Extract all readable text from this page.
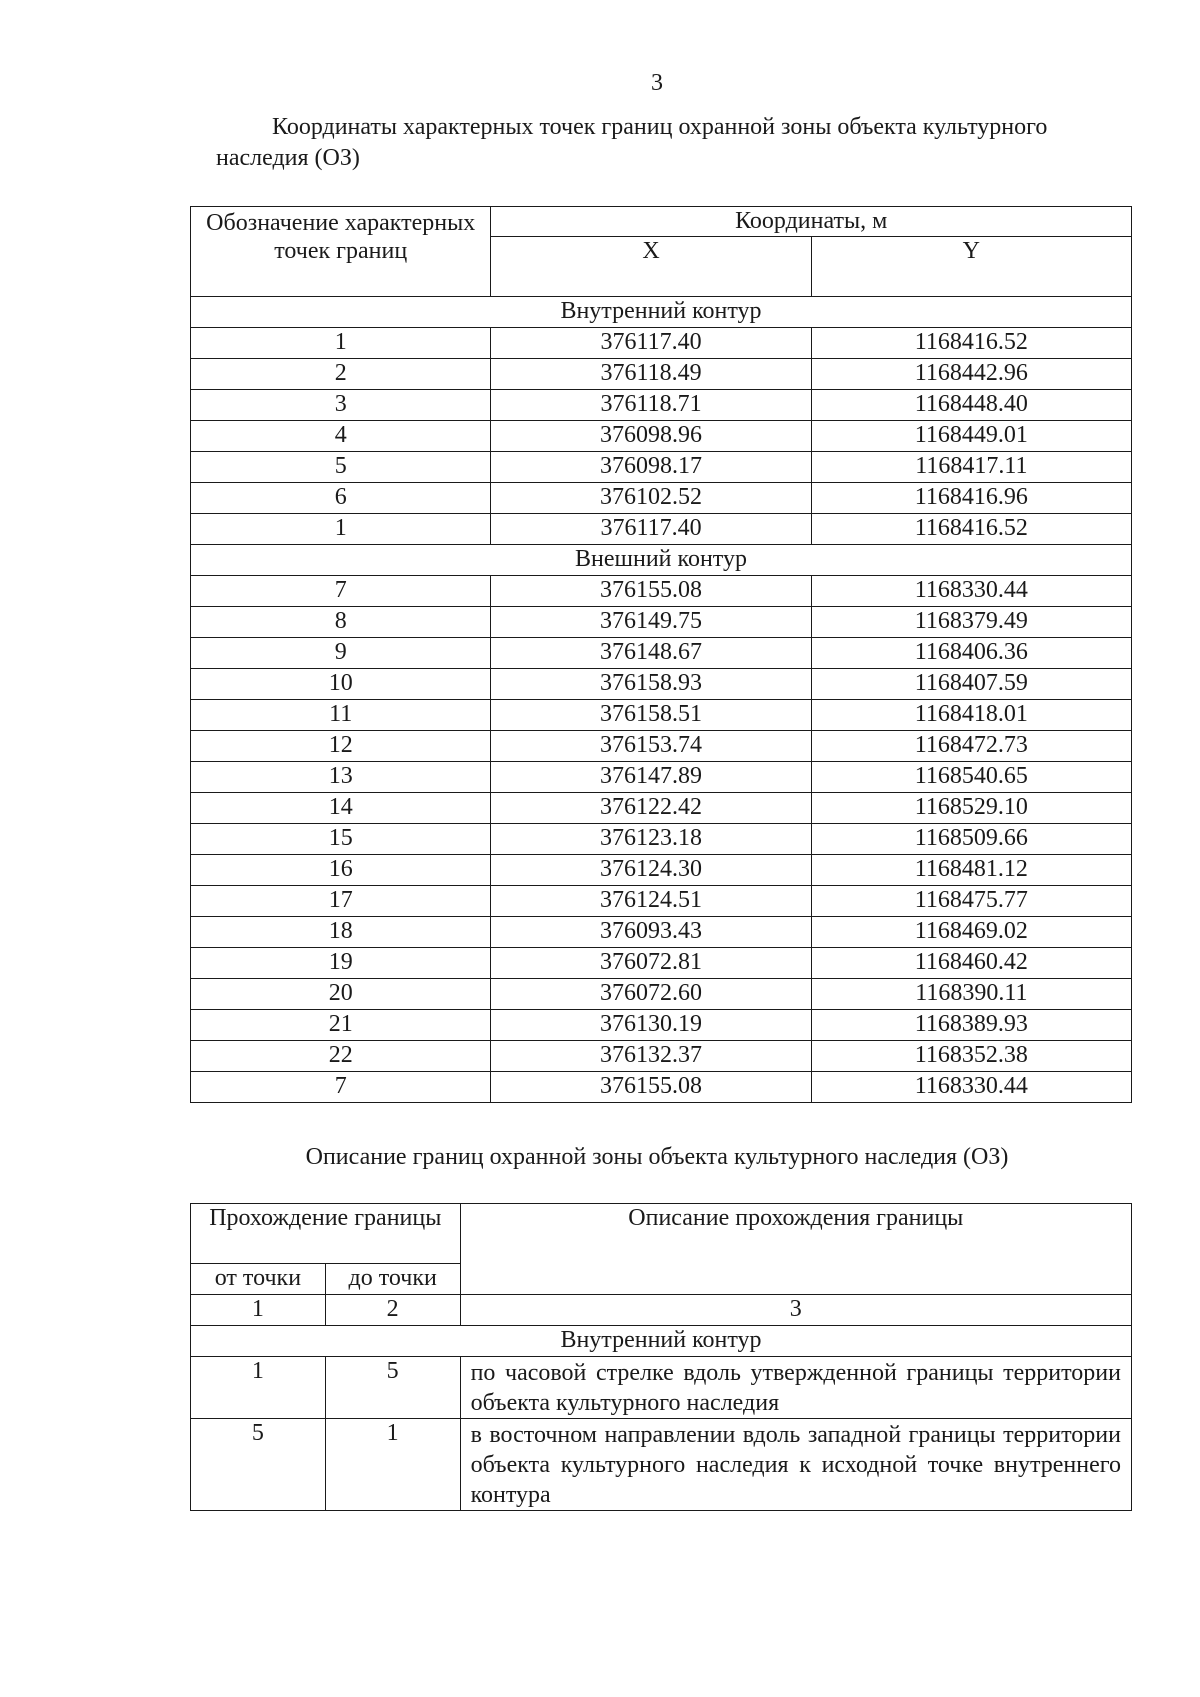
3
Координаты характерных точек границ охранной зоны объекта культурного наследия (ОЗ)
Обозначение характерных точек границ	Координаты, м	
	X	Y
Внутренний контур		
1	376117.40	1168416.52
2	376118.49	1168442.96
3	376118.71	1168448.40
4	376098.96	1168449.01
5	376098.17	1168417.11
6	376102.52	1168416.96
1	376117.40	1168416.52
Внешний контур		
7	376155.08	1168330.44
8	376149.75	1168379.49
9	376148.67	1168406.36
10	376158.93	1168407.59
11	376158.51	1168418.01
12	376153.74	1168472.73
13	376147.89	1168540.65
14	376122.42	1168529.10
15	376123.18	1168509.66
16	376124.30	1168481.12
17	376124.51	1168475.77
18	376093.43	1168469.02
19	376072.81	1168460.42
20	376072.60	1168390.11
21	376130.19	1168389.93
22	376132.37	1168352.38
7	376155.08	1168330.44
Описание границ охранной зоны объекта культурного наследия (ОЗ)
Прохождение границы		Описание прохождения границы
от точки	до точки	
1	2	3
Внутренний контур		
1	5	по часовой стрелке вдоль утвержденной границы территории объекта культурного наследия
5	1	в восточном направлении вдоль западной границы территории объекта культурного наследия к исходной точке внутреннего контура
